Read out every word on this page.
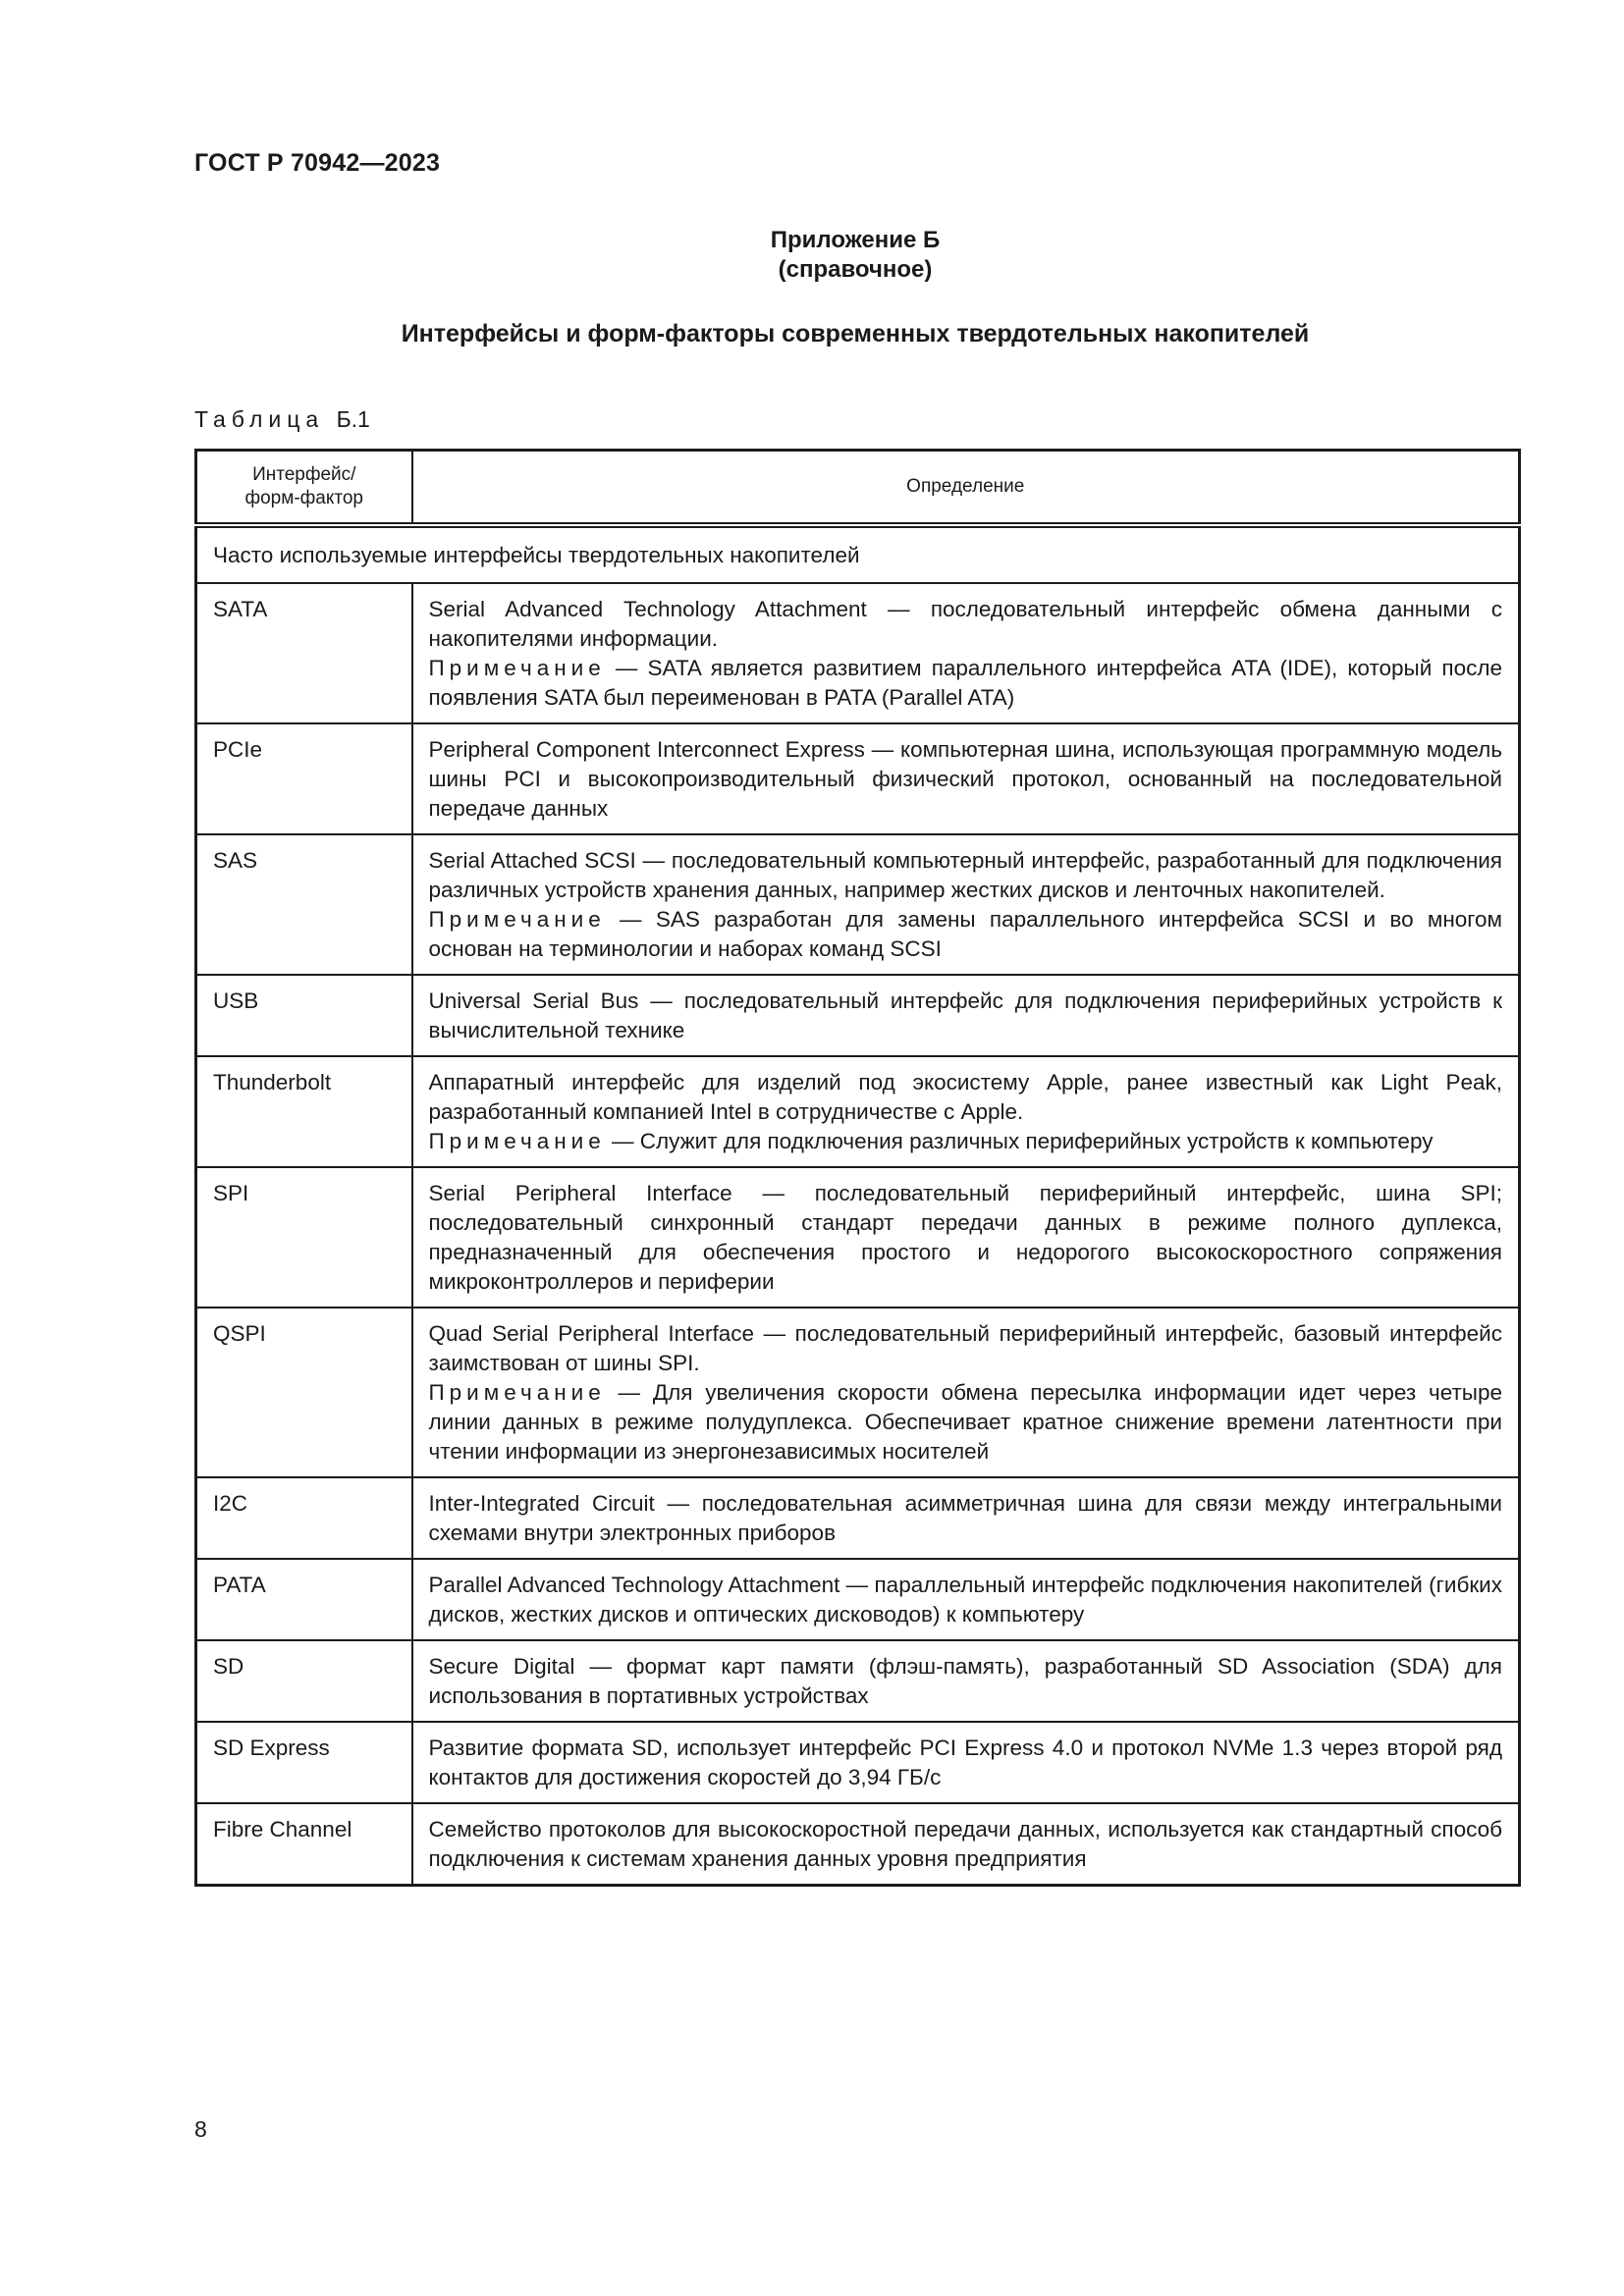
ГОСТ Р 70942—2023
Приложение Б
(справочное)
Интерфейсы и форм-факторы современных твердотельных накопителей
Таблица Б.1
Интерфейс/ форм-фактор	Определение
Часто используемые интерфейсы твердотельных накопителей	
SATA	Serial Advanced Technology Attachment — последовательный интерфейс обмена данными с накопителями информации.

Примечание — SATA является развитием параллельного интерфейса ATA (IDE), который после появления SATA был переименован в PATA (Parallel ATA)

PCIe	Peripheral Component Interconnect Express — компьютерная шина, использующая программную модель шины PCI и высокопроизводительный физический протокол, основанный на последовательной передаче данных

SAS	Serial Attached SCSI — последовательный компьютерный интерфейс, разработанный для подключения различных устройств хранения данных, например жестких дисков и ленточных накопителей.

Примечание — SAS разработан для замены параллельного интерфейса SCSI и во многом основан на терминологии и наборах команд SCSI

USB	Universal Serial Bus — последовательный интерфейс для подключения периферийных устройств к вычислительной технике

Thunderbolt	Аппаратный интерфейс для изделий под экосистему Apple, ранее известный как Light Peak, разработанный компанией Intel в сотрудничестве с Apple.

Примечание — Служит для подключения различных периферийных устройств к компьютеру

SPI	Serial Peripheral Interface — последовательный периферийный интерфейс, шина SPI; последовательный синхронный стандарт передачи данных в режиме полного дуплекса, предназначенный для обеспечения простого и недорогого высокоскоростного сопряжения микроконтроллеров и периферии

QSPI	Quad Serial Peripheral Interface — последовательный периферийный интерфейс, базовый интерфейс заимствован от шины SPI.

Примечание — Для увеличения скорости обмена пересылка информации идет через четыре линии данных в режиме полудуплекса. Обеспечивает кратное снижение времени латентности при чтении информации из энергонезависимых носителей

I2C	Inter-Integrated Circuit — последовательная асимметричная шина для связи между интегральными схемами внутри электронных приборов

PATA	Parallel Advanced Technology Attachment — параллельный интерфейс подключения накопителей (гибких дисков, жестких дисков и оптических дисководов) к компьютеру

SD	Secure Digital — формат карт памяти (флэш-память), разработанный SD Association (SDA) для использования в портативных устройствах

SD Express	Развитие формата SD, использует интерфейс PCI Express 4.0 и протокол NVMe 1.3 через второй ряд контактов для достижения скоростей до 3,94 ГБ/с

Fibre Channel	Семейство протоколов для высокоскоростной передачи данных, используется как стандартный способ подключения к системам хранения данных уровня предприятия

8
